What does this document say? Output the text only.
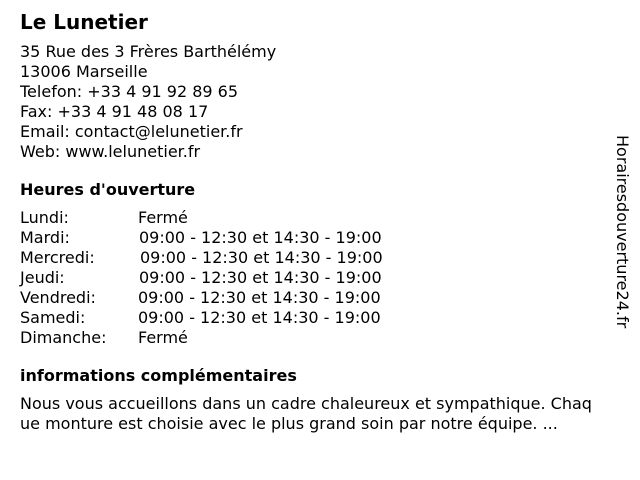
Le Lunetier
35 Rue des 3 Frères Barthélémy
13006 Marseille
Telefon: +33 4 91 92 89 65
Fax: +33 4 91 48 08 17
Email: contact@lelunetier.fr
Web: www.lelunetier.fr
Heures d'ouverture
Lundi:	Fermé
Mardi:	09:00 - 12:30 et 14:30 - 19:00
Mercredi:	09:00 - 12:30 et 14:30 - 19:00
Jeudi:	09:00 - 12:30 et 14:30 - 19:00
Vendredi:	09:00 - 12:30 et 14:30 - 19:00
Samedi:	09:00 - 12:30 et 14:30 - 19:00
Dimanche:	Fermé
informations complémentaires
Nous vous accueillons dans un cadre chaleureux et sympathique. Chaque monture est choisie avec le plus grand soin par notre équipe. ...
Horairesdouverture24.fr
